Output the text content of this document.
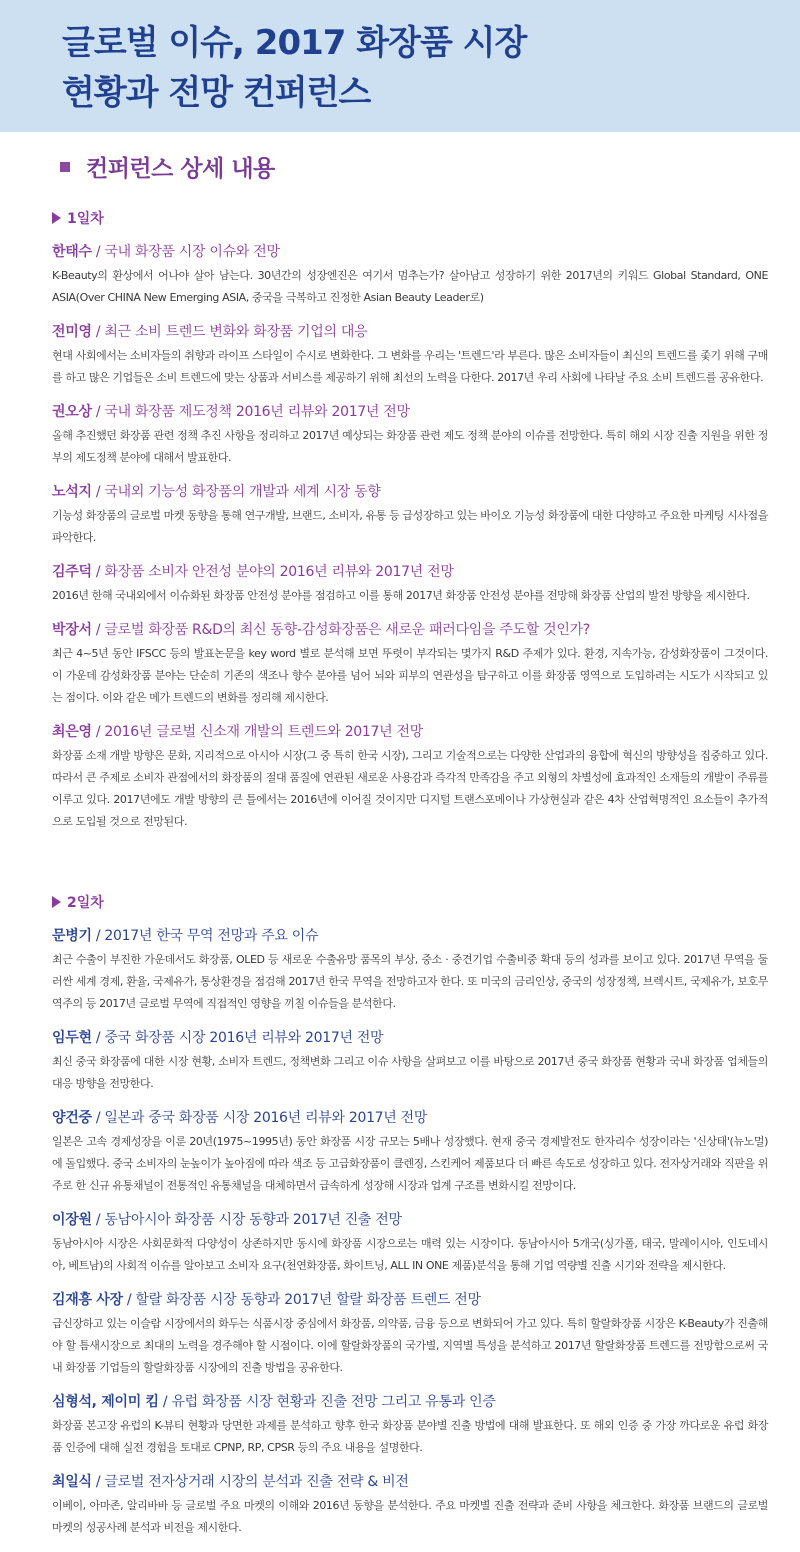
글로벌 이슈, 2017 화장품 시장
현황과 전망 컨퍼런스
컨퍼런스 상세 내용
1일차
한태수 / 국내 화장품 시장 이슈와 전망

K-Beauty의 환상에서 어나야 살아 남는다. 30년간의 성장엔진은 여기서 멈추는가? 살아남고 성장하기 위한 2017년의 키워드 Global Standard, ONE ASIA(Over CHINA New Emerging ASIA, 중국을 극복하고 진정한 Asian Beauty Leader로)

전미영 / 최근 소비 트렌드 변화와 화장품 기업의 대응

현대 사회에서는 소비자들의 취향과 라이프 스타일이 수시로 변화한다. 그 변화를 우리는 '트렌드'라 부른다. 많은 소비자들이 최신의 트렌드를 좇기 위해 구매를 하고 많은 기업들은 소비 트렌드에 맞는 상품과 서비스를 제공하기 위해 최선의 노력을 다한다. 2017년 우리 사회에 나타날 주요 소비 트렌드를 공유한다.

권오상 / 국내 화장품 제도정책 2016년 리뷰와 2017년 전망

올해 추진했던 화장품 관련 정책 추진 사항을 정리하고 2017년 예상되는 화장품 관련 제도 정책 분야의 이슈를 전망한다. 특히 해외 시장 진출 지원을 위한 정부의 제도정책 분야에 대해서 발표한다.

노석지 / 국내외 기능성 화장품의 개발과 세계 시장 동향

기능성 화장품의 글로벌 마켓 동향을 통해 연구개발, 브랜드, 소비자, 유통 등 급성장하고 있는 바이오 기능성 화장품에 대한 다양하고 주요한 마케팅 시사점을 파악한다.

김주덕 / 화장품 소비자 안전성 분야의 2016년 리뷰와 2017년 전망

2016년 한해 국내외에서 이슈화된 화장품 안전성 분야를 점검하고 이를 통해 2017년 화장품 안전성 분야를 전망해 화장품 산업의 발전 방향을 제시한다.

박장서 / 글로벌 화장품 R&D의 최신 동향-감성화장품은 새로운 패러다임을 주도할 것인가?

최근 4~5년 동안 IFSCC 등의 발표논문을 key word 별로 분석해 보면 뚜렷이 부각되는 몇가지 R&D 주제가 있다. 환경, 지속가능, 감성화장품이 그것이다. 이 가운데 감성화장품 분야는 단순히 기존의 색조나 향수 분야를 넘어 뇌와 피부의 연관성을 탐구하고 이를 화장품 영역으로 도입하려는 시도가 시작되고 있는 점이다. 이와 같은 메가 트렌드의 변화를 정리해 제시한다.

최은영 / 2016년 글로벌 신소재 개발의 트렌드와 2017년 전망

화장품 소재 개발 방향은 문화, 지리적으로 아시아 시장(그 중 특히 한국 시장), 그리고 기술적으로는 다양한 산업과의 융합에 혁신의 방향성을 집중하고 있다. 따라서 큰 주제로 소비자 관점에서의 화장품의 절대 품질에 연관된 새로운 사용감과 즉각적 만족감을 주고 외형의 차별성에 효과적인 소재들의 개발이 주류를 이루고 있다. 2017년에도 개발 방향의 큰 틀에서는 2016년에 이어질 것이지만 디지털 트랜스포메이나 가상현실과 같은 4차 산업혁명적인 요소들이 추가적으로 도입될 것으로 전망된다.

2일차
문병기 / 2017년 한국 무역 전망과 주요 이슈

최근 수출이 부진한 가운데서도 화장품, OLED 등 새로운 수출유망 품목의 부상, 중소 · 중견기업 수출비중 확대 등의 성과를 보이고 있다. 2017년 무역을 둘러싼 세계 경제, 환율, 국제유가, 통상환경을 점검해 2017년 한국 무역을 전망하고자 한다. 또 미국의 금리인상, 중국의 성장정책, 브렉시트, 국제유가, 보호무역주의 등 2017년 글로벌 무역에 직접적인 영향을 끼칠 이슈들을 분석한다.

임두현 / 중국 화장품 시장 2016년 리뷰와 2017년 전망

최신 중국 화장품에 대한 시장 현황, 소비자 트렌드, 정책변화 그리고 이슈 사항을 살펴보고 이를 바탕으로 2017년 중국 화장품 현황과 국내 화장품 업체들의 대응 방향을 전망한다.

양건중 / 일본과 중국 화장품 시장 2016년 리뷰와 2017년 전망

일본은 고속 경제성장을 이룬 20년(1975~1995년) 동안 화장품 시장 규모는 5배나 성장했다. 현재 중국 경제발전도 한자리수 성장이라는 '신상태'(뉴노멀)에 돌입했다. 중국 소비자의 눈높이가 높아짐에 따라 색조 등 고급화장품이 클렌징, 스킨케어 제품보다 더 빠른 속도로 성장하고 있다. 전자상거래와 직판을 위주로 한 신규 유통채널이 전통적인 유통채널을 대체하면서 급속하게 성장해 시장과 업계 구조를 변화시킬 전망이다.

이장원 / 동남아시아 화장품 시장 동향과 2017년 진출 전망

동남아시아 시장은 사회문화적 다양성이 상존하지만 동시에 화장품 시장으로는 매력 있는 시장이다. 동남아시아 5개국(싱가폴, 태국, 말레이시아, 인도네시아, 베트남)의 사회적 이슈를 알아보고 소비자 요구(천연화장품, 화이트닝, ALL IN ONE 제품)분석을 통해 기업 역량별 진출 시기와 전략을 제시한다.

김재흥 사장 / 할랄 화장품 시장 동향과 2017년 할랄 화장품 트렌드 전망

급신장하고 있는 이슬람 시장에서의 화두는 식품시장 중심에서 화장품, 의약품, 금융 등으로 변화되어 가고 있다. 특히 할랄화장품 시장은 K-Beauty가 진출해야 할 틈새시장으로 최대의 노력을 경주해야 할 시점이다. 이에 할랄화장품의 국가별, 지역별 특성을 분석하고 2017년 할랄화장품 트렌드를 전망함으로써 국내 화장품 기업들의 할랄화장품 시장에의 진출 방법을 공유한다.

심형석, 제이미 킴 / 유럽 화장품 시장 현황과 진출 전망 그리고 유통과 인증

화장품 본고장 유럽의 K-뷰티 현황과 당면한 과제를 분석하고 향후 한국 화장품 분야별 진출 방법에 대해 발표한다. 또 해외 인증 중 가장 까다로운 유럽 화장품 인증에 대해 실전 경험을 토대로 CPNP, RP, CPSR 등의 주요 내용을 설명한다.

최일식 / 글로벌 전자상거래 시장의 분석과 진출 전략 & 비전

이베이, 아마존, 알리바바 등 글로벌 주요 마켓의 이해와 2016년 동향을 분석한다. 주요 마켓별 진출 전략과 준비 사항을 체크한다. 화장품 브랜드의 글로벌 마켓의 성공사례 분석과 비전을 제시한다.
